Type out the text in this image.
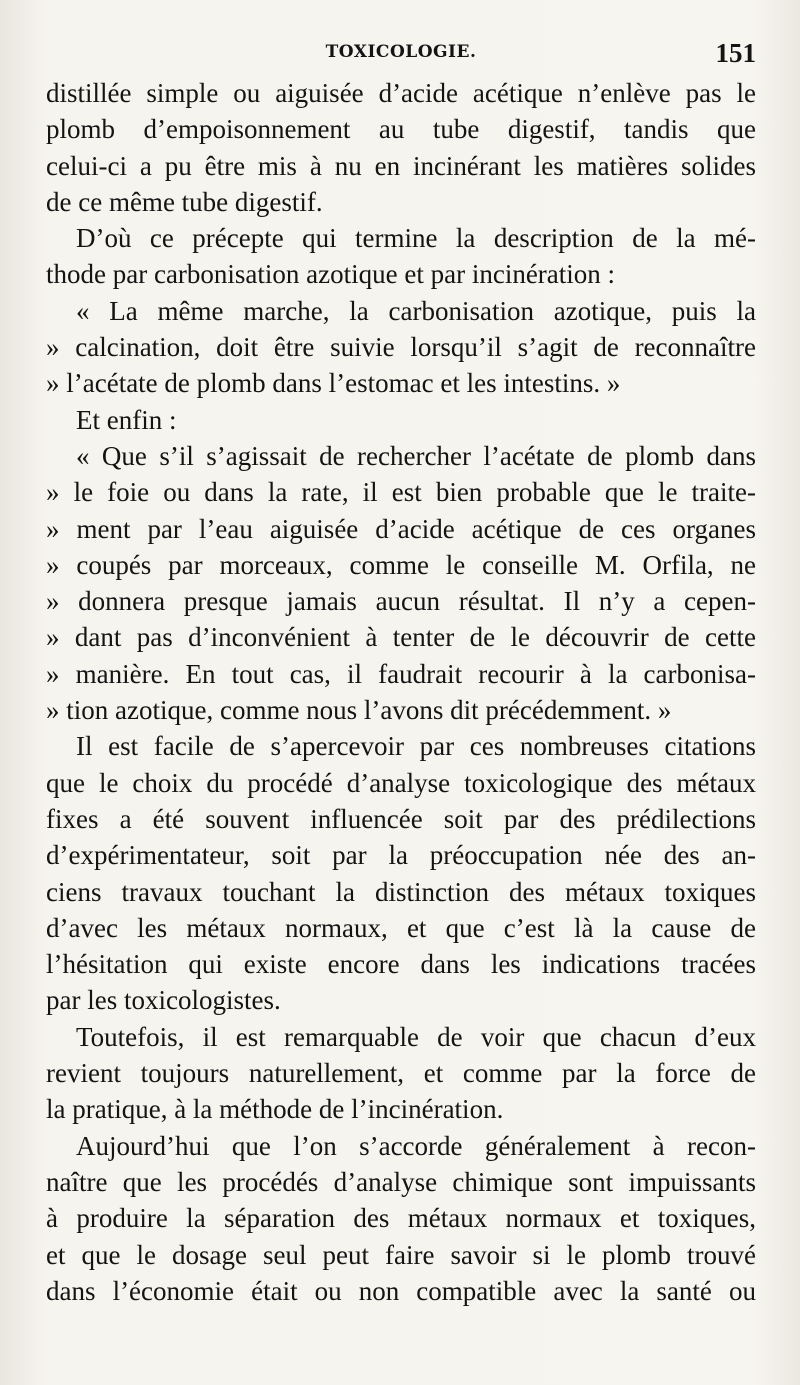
TOXICOLOGIE.	151
distillée simple ou aiguisée d’acide acétique n’enlève pas le
plomb d’empoisonnement au tube digestif, tandis que
celui-ci a pu être mis à nu en incinérant les matières solides
de ce même tube digestif.
D’où ce précepte qui termine la description de la mé-
thode par carbonisation azotique et par incinération :
« La même marche, la carbonisation azotique, puis la
» calcination, doit être suivie lorsqu’il s’agit de reconnaître
» l’acétate de plomb dans l’estomac et les intestins. »
Et enfin :
« Que s’il s’agissait de rechercher l’acétate de plomb dans
» le foie ou dans la rate, il est bien probable que le traite-
» ment par l’eau aiguisée d’acide acétique de ces organes
» coupés par morceaux, comme le conseille M. Orfila, ne
» donnera presque jamais aucun résultat. Il n’y a cepen-
» dant pas d’inconvénient à tenter de le découvrir de cette
» manière. En tout cas, il faudrait recourir à la carbonisa-
» tion azotique, comme nous l’avons dit précédemment. »
Il est facile de s’apercevoir par ces nombreuses citations
que le choix du procédé d’analyse toxicologique des métaux
fixes a été souvent influencée soit par des prédilections
d’expérimentateur, soit par la préoccupation née des an-
ciens travaux touchant la distinction des métaux toxiques
d’avec les métaux normaux, et que c’est là la cause de
l’hésitation qui existe encore dans les indications tracées
par les toxicologistes.
Toutefois, il est remarquable de voir que chacun d’eux
revient toujours naturellement, et comme par la force de
la pratique, à la méthode de l’incinération.
Aujourd’hui que l’on s’accorde généralement à recon-
naître que les procédés d’analyse chimique sont impuissants
à produire la séparation des métaux normaux et toxiques,
et que le dosage seul peut faire savoir si le plomb trouvé
dans l’économie était ou non compatible avec la santé ou
